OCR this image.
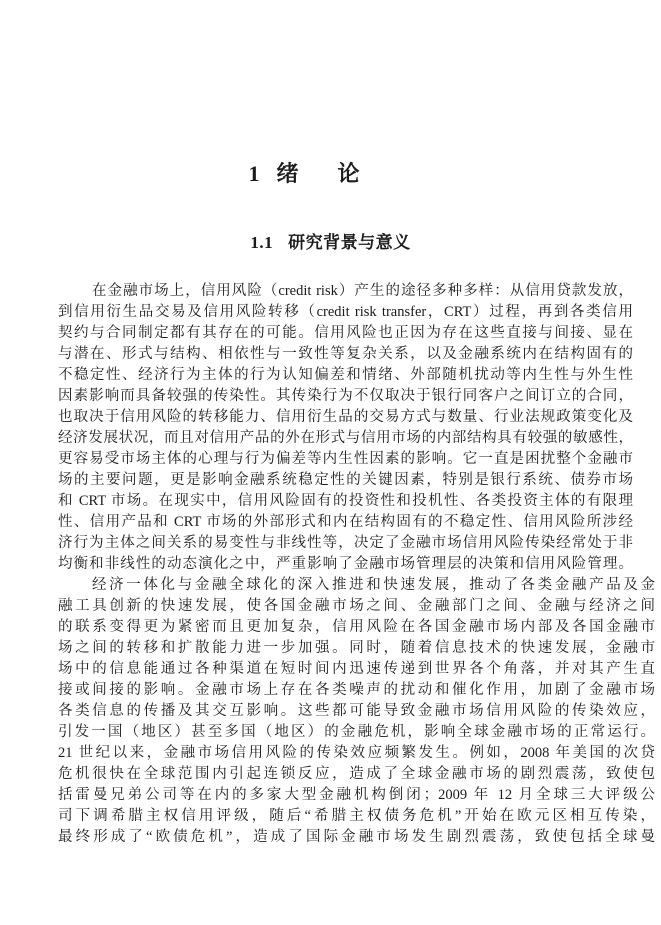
1 绪 论
1.1 研究背景与意义
在金融市场上，信用风险（credit risk）产生的途径多种多样：从信用贷款发放，
到信用衍生品交易及信用风险转移（credit risk transfer，CRT）过程，再到各类信用
契约与合同制定都有其存在的可能。信用风险也正因为存在这些直接与间接、显在
与潜在、形式与结构、相依性与一致性等复杂关系，以及金融系统内在结构固有的
不稳定性、经济行为主体的行为认知偏差和情绪、外部随机扰动等内生性与外生性
因素影响而具备较强的传染性。其传染行为不仅取决于银行同客户之间订立的合同，
也取决于信用风险的转移能力、信用衍生品的交易方式与数量、行业法规政策变化及
经济发展状况，而且对信用产品的外在形式与信用市场的内部结构具有较强的敏感性，
更容易受市场主体的心理与行为偏差等内生性因素的影响。它一直是困扰整个金融市
场的主要问题，更是影响金融系统稳定性的关键因素，特别是银行系统、债券市场
和 CRT 市场。在现实中，信用风险固有的投资性和投机性、各类投资主体的有限理
性、信用产品和 CRT 市场的外部形式和内在结构固有的不稳定性、信用风险所涉经
济行为主体之间关系的易变性与非线性等，决定了金融市场信用风险传染经常处于非
均衡和非线性的动态演化之中，严重影响了金融市场管理层的决策和信用风险管理。
经济一体化与金融全球化的深入推进和快速发展，推动了各类金融产品及金
融工具创新的快速发展，使各国金融市场之间、金融部门之间、金融与经济之间
的联系变得更为紧密而且更加复杂，信用风险在各国金融市场内部及各国金融市
场之间的转移和扩散能力进一步加强。同时，随着信息技术的快速发展，金融市
场中的信息能通过各种渠道在短时间内迅速传递到世界各个角落，并对其产生直
接或间接的影响。金融市场上存在各类噪声的扰动和催化作用，加剧了金融市场
各类信息的传播及其交互影响。这些都可能导致金融市场信用风险的传染效应，
引发一国（地区）甚至多国（地区）的金融危机，影响全球金融市场的正常运行。
21 世纪以来，金融市场信用风险的传染效应频繁发生。例如，2008 年美国的次贷
危机很快在全球范围内引起连锁反应，造成了全球金融市场的剧烈震荡，致使包
括雷曼兄弟公司等在内的多家大型金融机构倒闭；2009 年 12 月全球三大评级公
司下调希腊主权信用评级，随后“希腊主权债务危机”开始在欧元区相互传染，
最终形成了“欧债危机”，造成了国际金融市场发生剧烈震荡，致使包括全球曼
